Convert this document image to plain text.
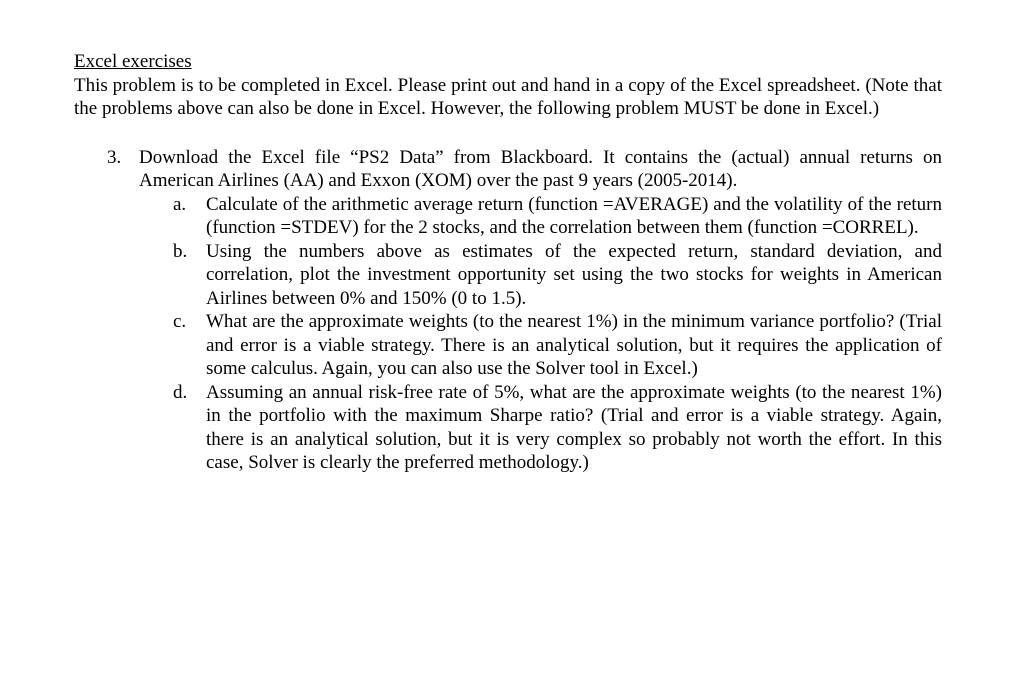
Excel exercises

This problem is to be completed in Excel. Please print out and hand in a copy of the Excel spreadsheet. (Note that the problems above can also be done in Excel. However, the following problem MUST be done in Excel.)

3. Download the Excel file “PS2 Data” from Blackboard. It contains the (actual) annual returns on American Airlines (AA) and Exxon (XOM) over the past 9 years (2005-2014).
a. Calculate of the arithmetic average return (function =AVERAGE) and the volatility of the return (function =STDEV) for the 2 stocks, and the correlation between them (function =CORREL).
b. Using the numbers above as estimates of the expected return, standard deviation, and correlation, plot the investment opportunity set using the two stocks for weights in American Airlines between 0% and 150% (0 to 1.5).
c. What are the approximate weights (to the nearest 1%) in the minimum variance portfolio? (Trial and error is a viable strategy. There is an analytical solution, but it requires the application of some calculus. Again, you can also use the Solver tool in Excel.)
d. Assuming an annual risk-free rate of 5%, what are the approximate weights (to the nearest 1%) in the portfolio with the maximum Sharpe ratio? (Trial and error is a viable strategy. Again, there is an analytical solution, but it is very complex so probably not worth the effort. In this case, Solver is clearly the preferred methodology.)
